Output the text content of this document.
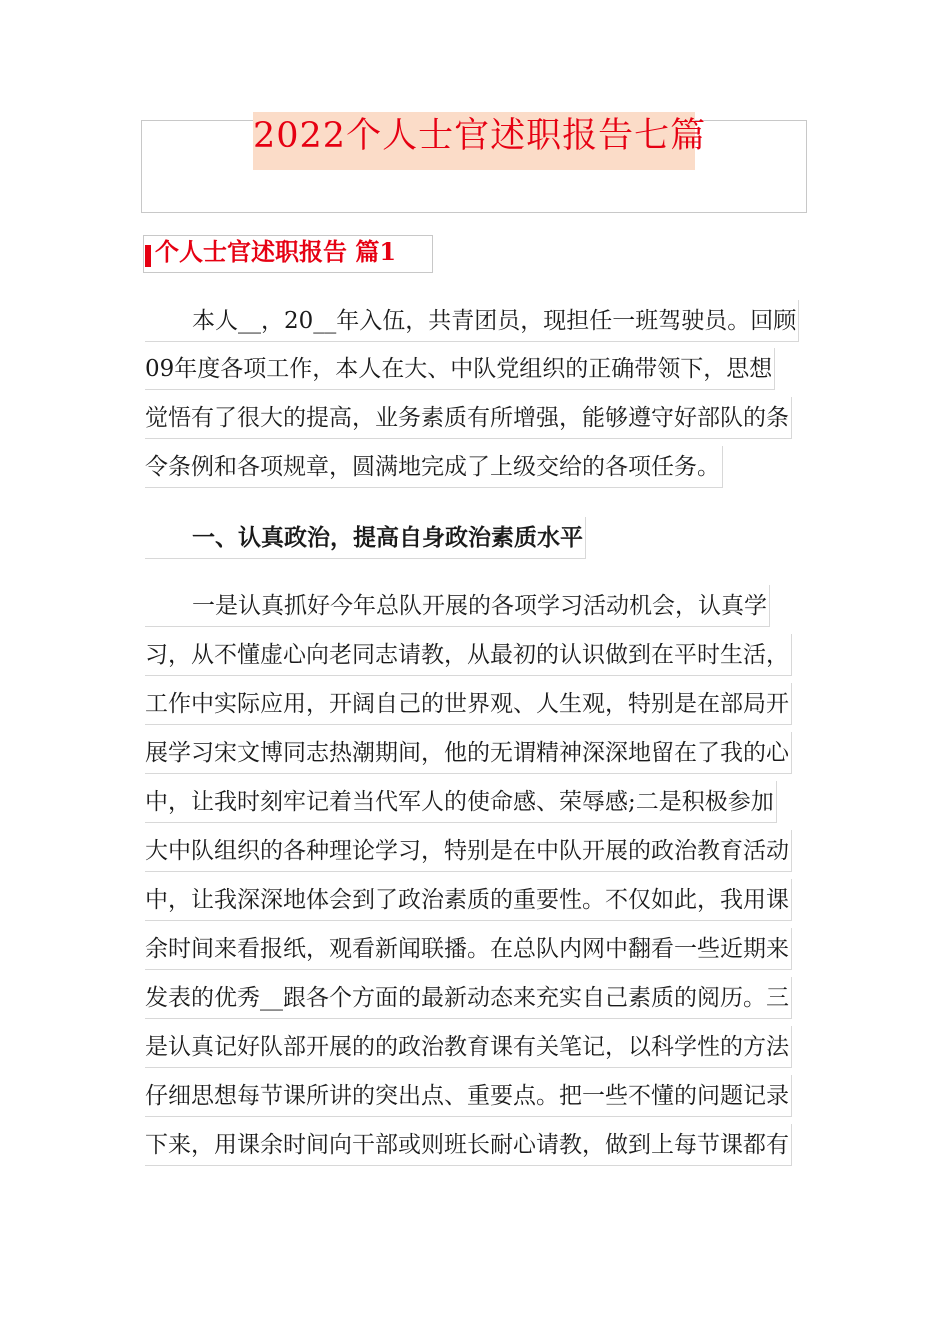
2022个人士官述职报告七篇
个人士官述职报告 篇1
本人__，20__年入伍，共青团员，现担任一班驾驶员。回顾
09年度各项工作，本人在大、中队党组织的正确带领下，思想
觉悟有了很大的提高，业务素质有所增强，能够遵守好部队的条
令条例和各项规章，圆满地完成了上级交给的各项任务。
一、认真政治，提高自身政治素质水平
一是认真抓好今年总队开展的各项学习活动机会，认真学
习，从不懂虚心向老同志请教，从最初的认识做到在平时生活，
工作中实际应用，开阔自己的世界观、人生观，特别是在部局开
展学习宋文博同志热潮期间，他的无谓精神深深地留在了我的心
中，让我时刻牢记着当代军人的使命感、荣辱感;二是积极参加
大中队组织的各种理论学习，特别是在中队开展的政治教育活动
中，让我深深地体会到了政治素质的重要性。不仅如此，我用课
余时间来看报纸，观看新闻联播。在总队内网中翻看一些近期来
发表的优秀__跟各个方面的最新动态来充实自己素质的阅历。三
是认真记好队部开展的的政治教育课有关笔记，以科学性的方法
仔细思想每节课所讲的突出点、重要点。把一些不懂的问题记录
下来，用课余时间向干部或则班长耐心请教，做到上每节课都有
